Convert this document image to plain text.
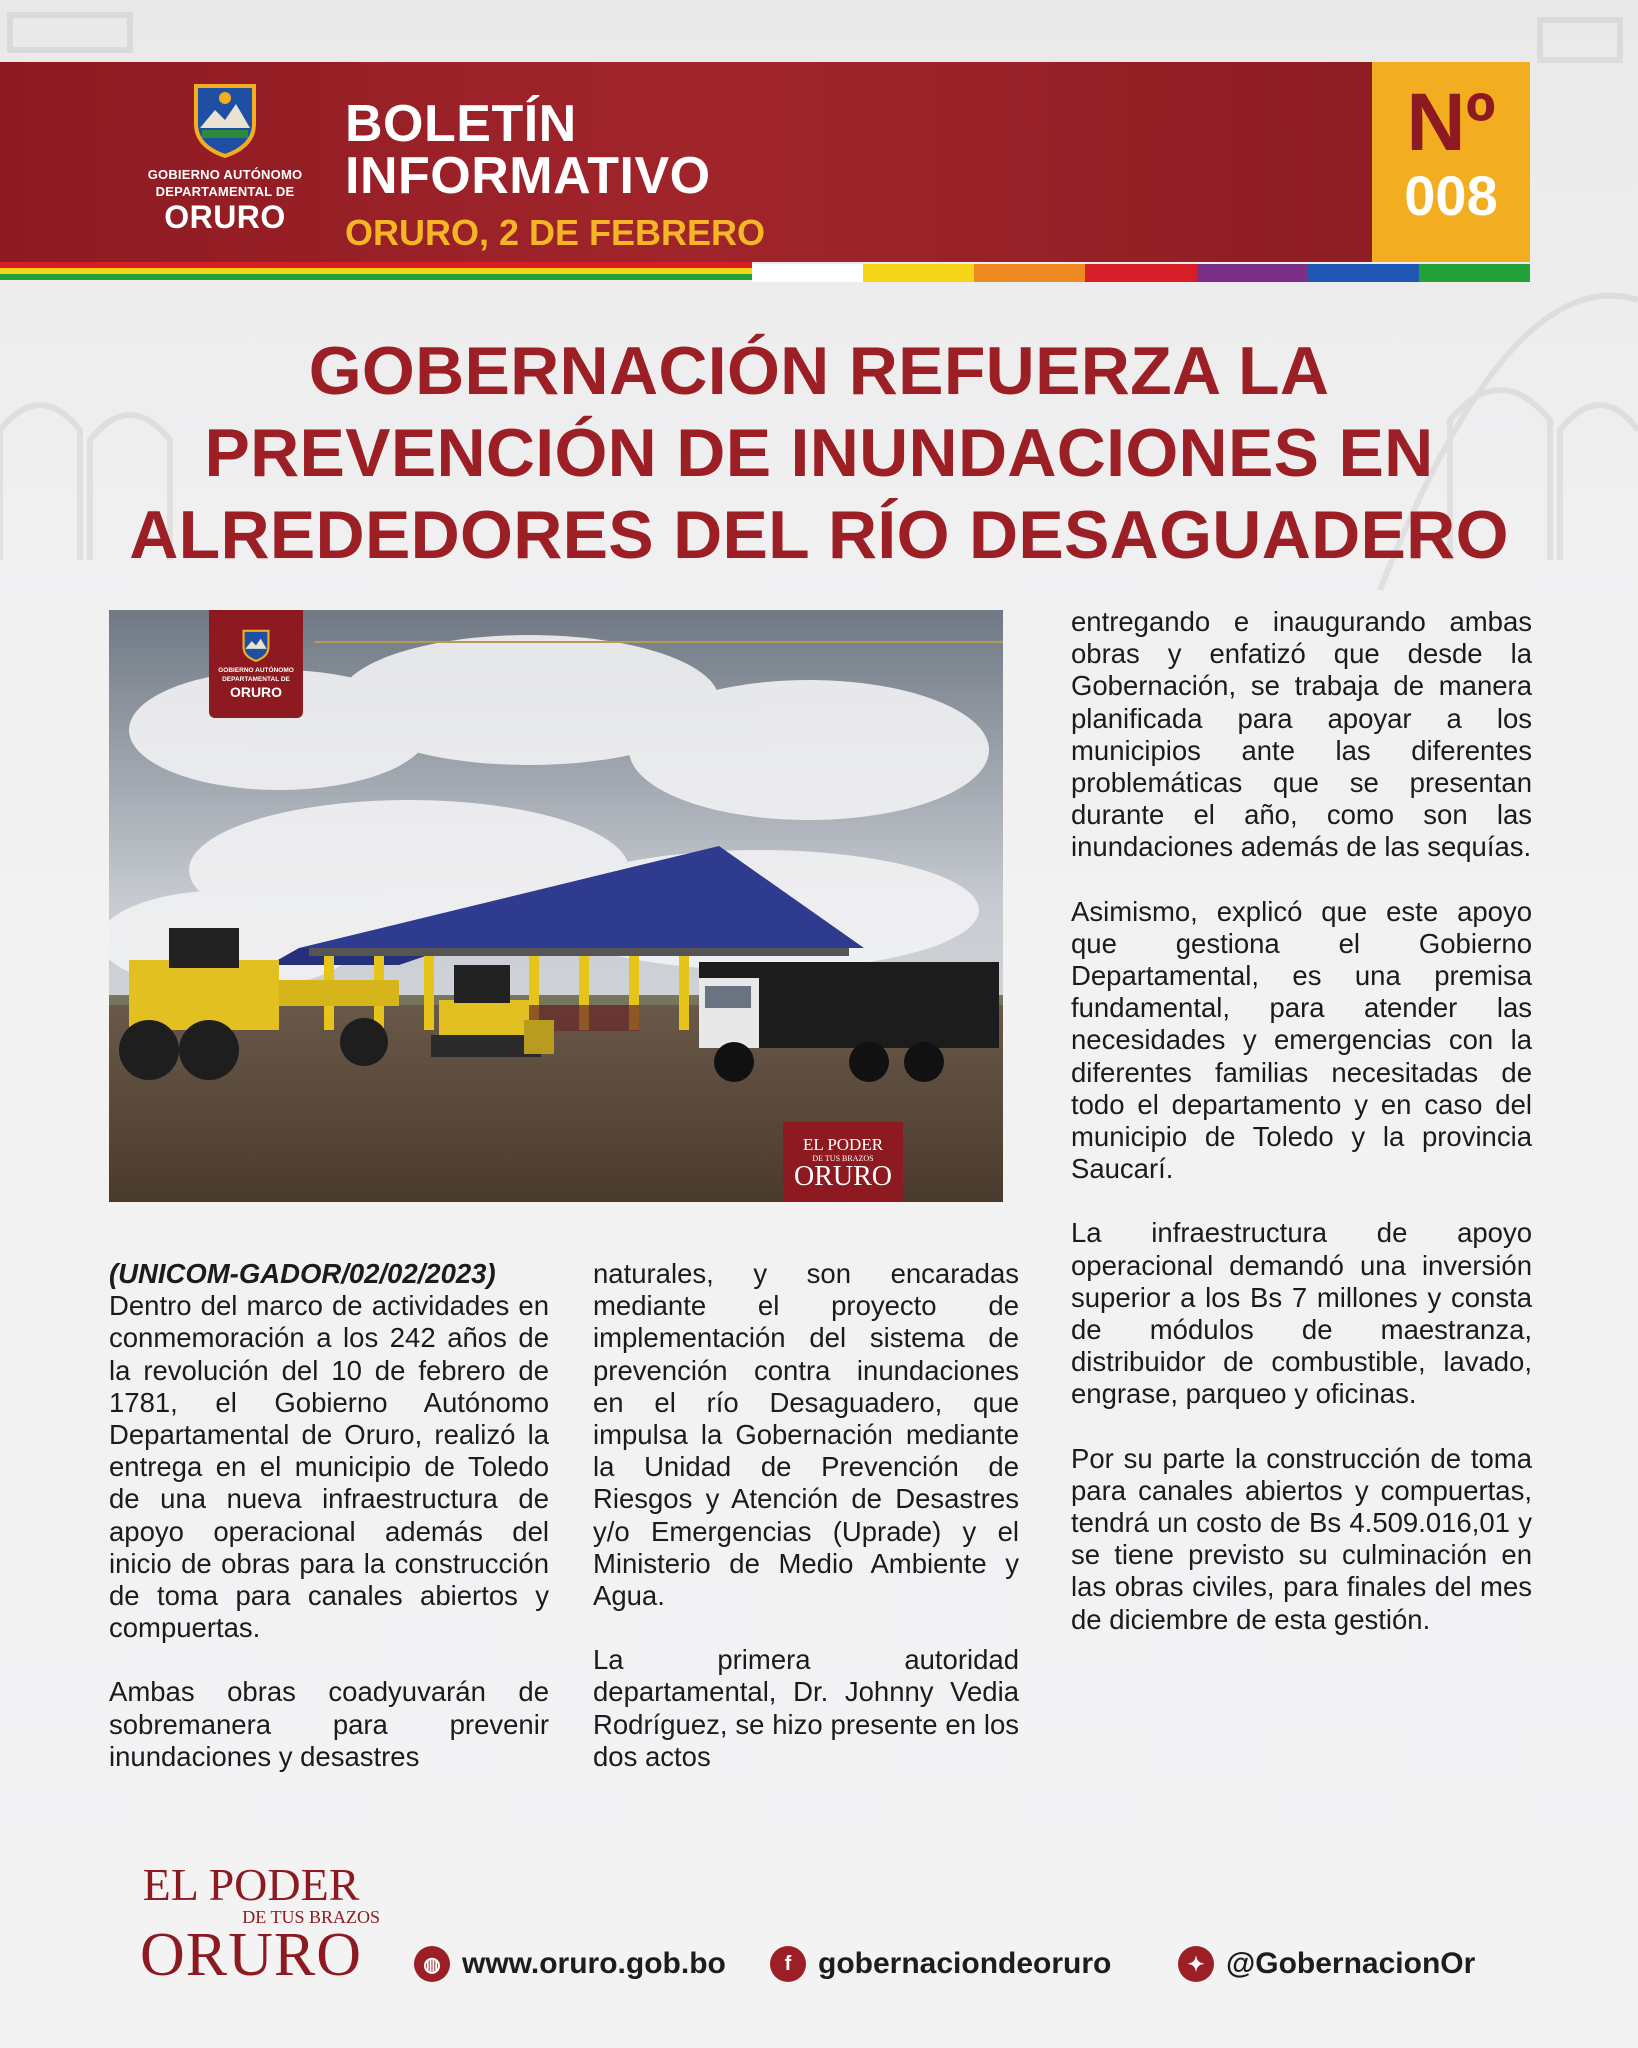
GOBIERNO AUTÓNOMO
DEPARTAMENTAL DE
ORURO
BOLETÍN
INFORMATIVO
ORURO, 2 DE FEBRERO
Nº
008
GOBERNACIÓN REFUERZA LA
PREVENCIÓN DE INUNDACIONES EN
ALREDEDORES DEL RÍO DESAGUADERO
GOBIERNO AUTÓNOMO
DEPARTAMENTAL DE
ORURO
EL PODER
DE TUS BRAZOS
ORURO

(UNICOM-GADOR/02/02/2023)
Dentro del marco de actividades en conmemoración a los 242 años de la revolución del 10 de febrero de 1781, el Gobierno Autónomo Departamental de Oruro, realizó la entrega en el municipio de Toledo de una nueva infraestructura de apoyo operacional además del inicio de obras para la construcción de toma para canales abiertos y compuertas.

Ambas obras coadyuvarán de sobremanera para prevenir inundaciones y desastres

naturales, y son encaradas mediante el proyecto de implementación del sistema de prevención contra inundaciones en el río Desaguadero, que impulsa la Gobernación mediante la Unidad de Prevención de Riesgos y Atención de Desastres y/o Emergencias (Uprade) y el Ministerio de Medio Ambiente y Agua.

La primera autoridad departamental, Dr. Johnny Vedia Rodríguez, se hizo presente en los dos actos

entregando e inaugurando ambas obras y enfatizó que desde la Gobernación, se trabaja de manera planificada para apoyar a los municipios ante las diferentes problemáticas que se presentan durante el año, como son las inundaciones además de las sequías.

Asimismo, explicó que este apoyo que gestiona el Gobierno Departamental, es una premisa fundamental, para atender las necesidades y emergencias con la diferentes familias necesitadas de todo el departamento y en caso del municipio de Toledo y la provincia Saucarí.

La infraestructura de apoyo operacional demandó una inversión superior a los Bs 7 millones y consta de módulos de maestranza, distribuidor de combustible, lavado, engrase, parqueo y oficinas.

Por su parte la construcción de toma para canales abiertos y compuertas, tendrá un costo de Bs 4.509.016,01 y se tiene previsto su culminación en las obras civiles, para finales del mes de diciembre de esta gestión.

EL PODER
DE TUS BRAZOS
ORURO	◍ www.oruro.gob.bo	f gobernaciondeoruro	✦ @GobernacionOr
